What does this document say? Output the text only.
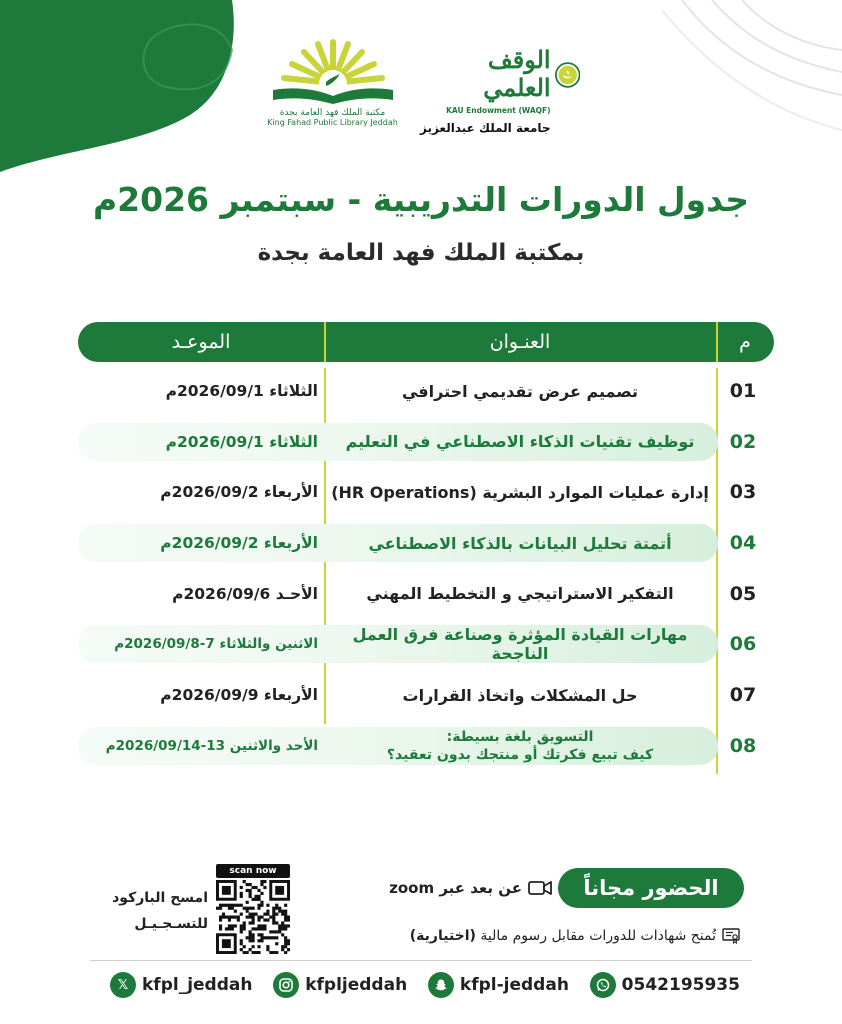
مكتبة الملك فهد العامة بجدة
King Fahad Public Library Jeddah
الوقف العلمي
KAU Endowment (WAQF)
جامعة الملك عبدالعزيز
جدول الدورات التدريبية - سبتمبر 2026م
بمكتبة الملك فهد العامة بجدة
م
العنـوان
الموعـد
01
تصميم عرض تقديمي احترافي
الثلاثاء 2026/09/1م
02
توظيف تقنيات الذكاء الاصطناعي في التعليم
الثلاثاء 2026/09/1م
03
إدارة عمليات الموارد البشرية (HR Operations)
الأربعاء 2026/09/2م
04
أتمتة تحليل البيانات بالذكاء الاصطناعي
الأربعاء 2026/09/2م
05
التفكير الاستراتيجي و التخطيط المهني
الأحـد 2026/09/6م
06
مهارات القيادة المؤثرة وصناعة فرق العمل الناجحة
الاثنين والثلاثاء 7-2026/09/8م
07
حل المشكلات واتخاذ القرارات
الأربعاء 2026/09/9م
08
التسويق بلغة بسيطة:
كيف تبيع فكرتك أو منتجك بدون تعقيد؟
الأحد والاثنين 13-2026/09/14م
الحضور مجاناً
عن بعد عبر zoom
تُمنح شهادات للدورات مقابل رسوم مالية (اختيارية)
scan now
امسح الباركود
للتسـجـيـل
𝕏 kfpl_jeddah	kfpljeddah	kfpl-jeddah	0542195935
